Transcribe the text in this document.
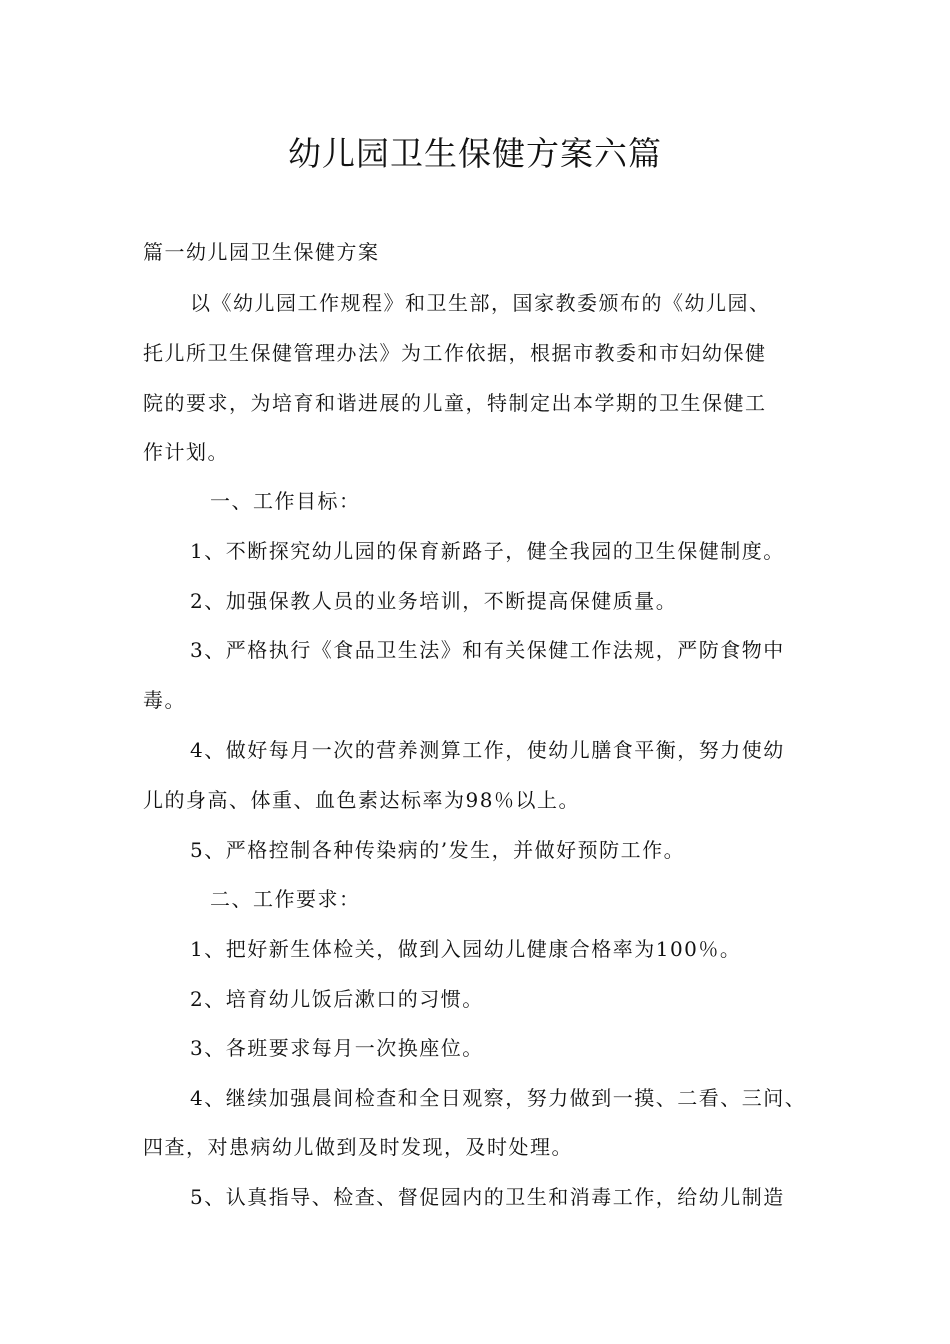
幼儿园卫生保健方案六篇
篇一幼儿园卫生保健方案
以《幼儿园工作规程》和卫生部，国家教委颁布的《幼儿园、
托儿所卫生保健管理办法》为工作依据，根据市教委和市妇幼保健
院的要求，为培育和谐进展的儿童，特制定出本学期的卫生保健工
作计划。
一、工作目标：
1、不断探究幼儿园的保育新路子，健全我园的卫生保健制度。
2、加强保教人员的业务培训，不断提高保健质量。
3、严格执行《食品卫生法》和有关保健工作法规，严防食物中
毒。
4、做好每月一次的营养测算工作，使幼儿膳食平衡，努力使幼
儿的身高、体重、血色素达标率为98％以上。
5、严格控制各种传染病的’发生，并做好预防工作。
二、工作要求：
1、把好新生体检关，做到入园幼儿健康合格率为100％。
2、培育幼儿饭后漱口的习惯。
3、各班要求每月一次换座位。
4、继续加强晨间检查和全日观察，努力做到一摸、二看、三问、
四查，对患病幼儿做到及时发现，及时处理。
5、认真指导、检查、督促园内的卫生和消毒工作，给幼儿制造
